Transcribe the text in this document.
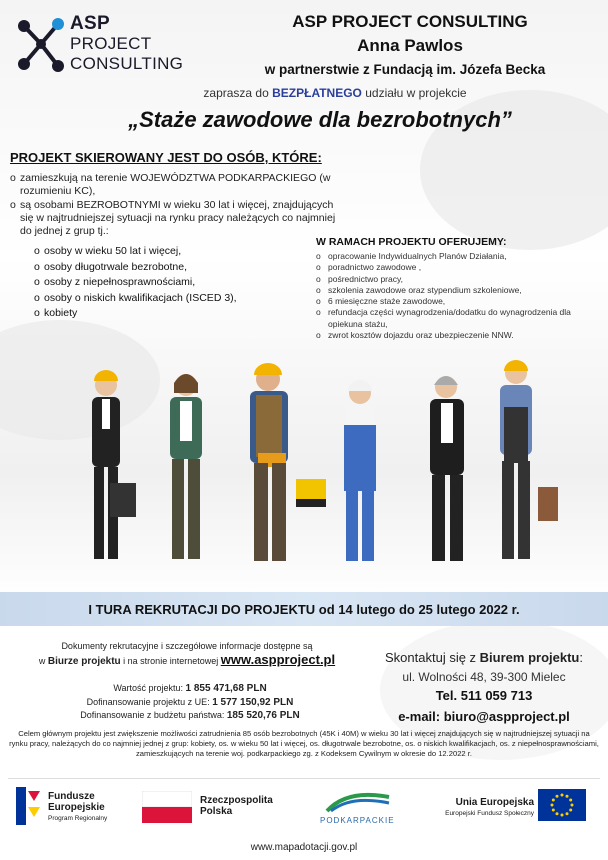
ASP
PROJECT
CONSULTING
ASP PROJECT CONSULTING
Anna Pawlos
w partnerstwie z Fundacją im. Józefa Becka
zaprasza do BEZPŁATNEGO udziału w projekcie
„Staże zawodowe dla bezrobotnych”
PROJEKT SKIEROWANY JEST DO OSÓB, KTÓRE:
o zamieszkują na terenie WOJEWÓDZTWA PODKARPACKIEGO (w rozumieniu KC),
o są osobami BEZROBOTNYMI w wieku 30 lat i więcej, znajdujących się w najtrudniejszej sytuacji na rynku pracy należących co najmniej do jednej z grup tj.:
o osoby w wieku 50 lat i więcej,
o osoby długotrwale bezrobotne,
o osoby z niepełnosprawnościami,
o osoby o niskich kwalifikacjach (ISCED 3),
o kobiety
W RAMACH PROJEKTU OFERUJEMY:
o opracowanie Indywidualnych Planów Działania,
o poradnictwo zawodowe ,
o pośrednictwo pracy,
o szkolenia zawodowe oraz stypendium szkoleniowe,
o 6 miesięczne staże zawodowe,
o refundacja części wynagrodzenia/dodatku do wynagrodzenia dla opiekuna stażu,
o zwrot kosztów dojazdu oraz ubezpieczenie NNW.
I TURA REKRUTACJI DO PROJEKTU od 14 lutego do 25 lutego 2022 r.
Dokumenty rekrutacyjne i szczegółowe informacje dostępne są
w Biurze projektu i na stronie internetowej www.aspproject.pl
Wartość projektu: 1 855 471,68 PLN
Dofinansowanie projektu z UE: 1 577 150,92 PLN
Dofinansowanie z budżetu państwa: 185 520,76 PLN
Skontaktuj się z Biurem projektu:
ul. Wolności 48, 39-300 Mielec
Tel. 511 059 713
e-mail: biuro@aspproject.pl
Celem głównym projektu jest zwiększenie możliwości zatrudnienia 85 osób bezrobotnych (45K i 40M) w wieku 30 lat i więcej znajdujących się w najtrudniejszej sytuacji na rynku pracy, należących do co najmniej jednej z grup: kobiety, os. w wieku 50 lat i więcej, os. długotrwale bezrobotne, os. o niskich kwalifikacjach, os. z niepełnosprawnościami, zamieszkujących na terenie woj. podkarpackiego zg. z Kodeksem Cywilnym w okresie do 12.2022 r.
Fundusze
Europejskie
Program Regionalny
Rzeczpospolita
Polska
PODKARPACKIE
Unia Europejska
Europejski Fundusz Społeczny
www.mapadotacji.gov.pl
